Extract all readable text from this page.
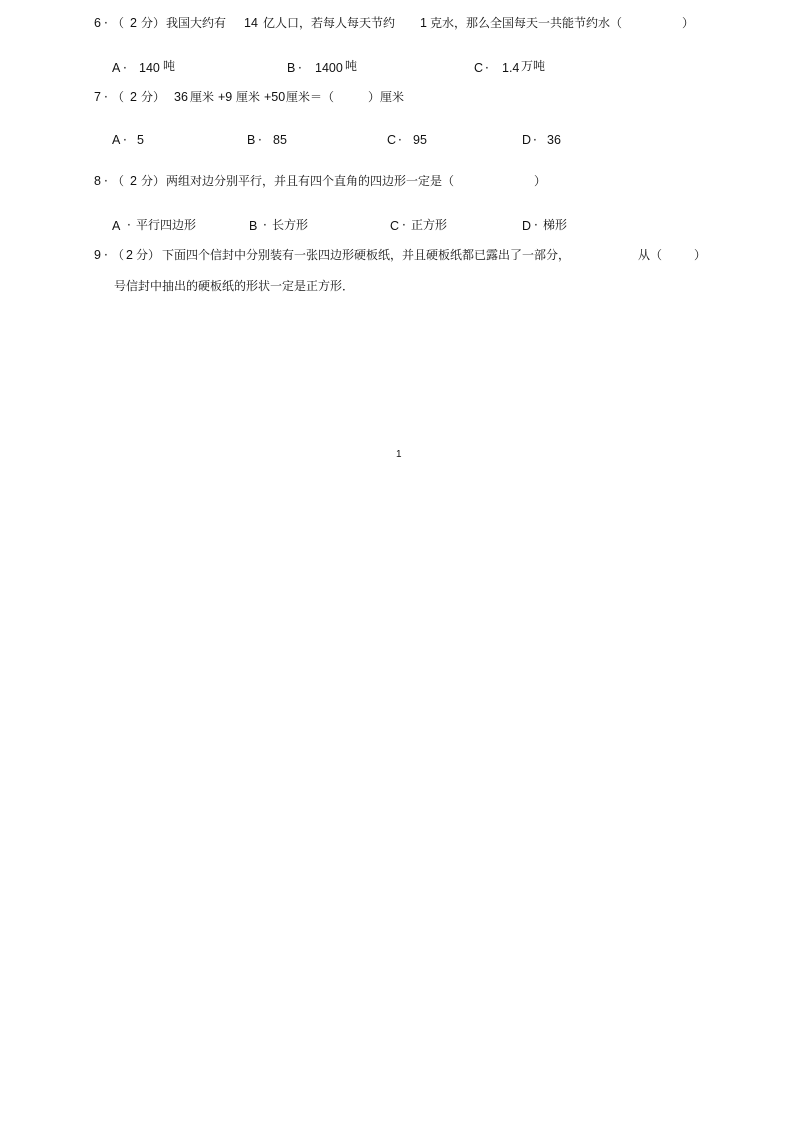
6 · （ 2 分） 我国大约有 14 亿人口，若每人每天节约 1 克水，那么全国每天一共能节约水（	）
A · 140 吨	B · 1400 吨	C · 1.4 万吨
7 · （ 2 分） 36 厘米 +9 厘米 +50 厘米＝（	）厘米
A · 5	B · 85	C · 95	D · 36
8 · （ 2 分） 两组对边分别平行，并且有四个直角的四边形一定是（	）
A · 平行四边形	B · 长方形	C · 正方形	D · 梯形
9 · （ 2 分） 下面四个信封中分别装有一张四边形硬板纸，并且硬板纸都已露出了一部分，	从（	）
号信封中抽出的硬板纸的形状一定是正方形．
1
